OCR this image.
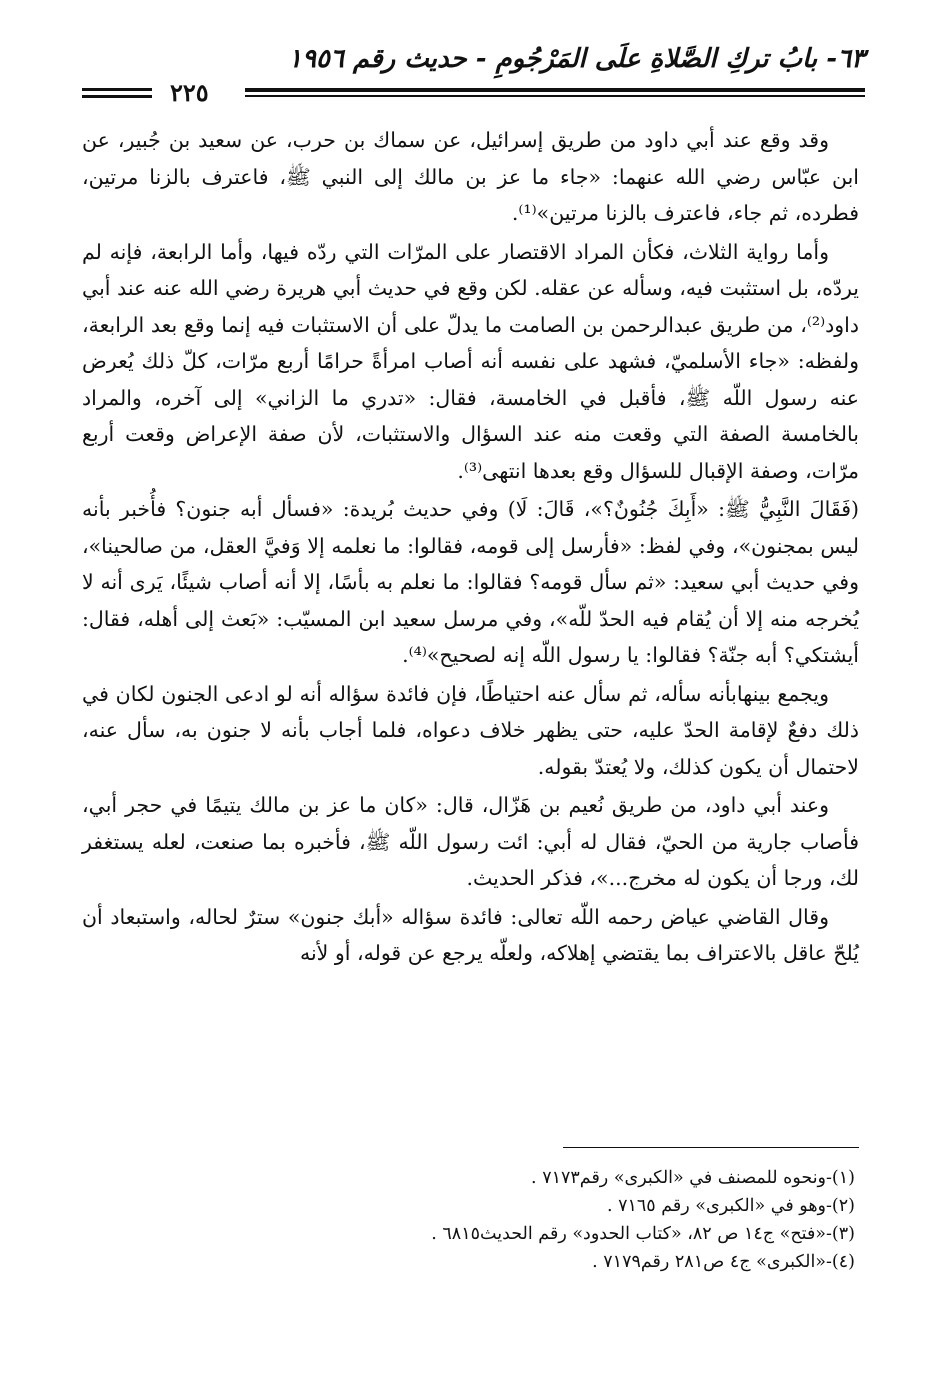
٦٣- بابُ تركِ الصَّلاةِ علَى المَرْجُومِ - حديث رقم ١٩٥٦
٢٢٥

وقد وقع عند أبي داود من طريق إسرائيل، عن سماك بن حرب، عن سعيد بن جُبير، عن ابن عبّاس رضي الله عنهما: «جاء ما عز بن مالك إلى النبي ﷺ، فاعترف بالزنا مرتين، فطرده، ثم جاء، فاعترف بالزنا مرتين»⁽¹⁾.

وأما رواية الثلاث، فكأن المراد الاقتصار على المرّات التي ردّه فيها، وأما الرابعة، فإنه لم يردّه، بل استثبت فيه، وسأله عن عقله. لكن وقع في حديث أبي هريرة رضي الله عنه عند أبي داود⁽²⁾، من طريق عبدالرحمن بن الصامت ما يدلّ على أن الاستثبات فيه إنما وقع بعد الرابعة، ولفظه: «جاء الأسلميّ، فشهد على نفسه أنه أصاب امرأةً حرامًا أربع مرّات، كلّ ذلك يُعرض عنه رسول اللّه ﷺ، فأقبل في الخامسة، فقال: «تدري ما الزاني» إلى آخره، والمراد بالخامسة الصفة التي وقعت منه عند السؤال والاستثبات، لأن صفة الإعراض وقعت أربع مرّات، وصفة الإقبال للسؤال وقع بعدها انتهى⁽³⁾.

(فَقَالَ النَّبِيُّ ﷺ: «أَبِكَ جُنُونٌ؟»، قَالَ: لَا) وفي حديث بُريدة: «فسأل أبه جنون؟ فأُخبر بأنه ليس بمجنون»، وفي لفظ: «فأرسل إلى قومه، فقالوا: ما نعلمه إلا وَفيَّ العقل، من صالحينا»، وفي حديث أبي سعيد: «ثم سأل قومه؟ فقالوا: ما نعلم به بأسًا، إلا أنه أصاب شيئًا، يَرى أنه لا يُخرجه منه إلا أن يُقام فيه الحدّ للّه»، وفي مرسل سعيد ابن المسيّب: «بَعث إلى أهله، فقال: أيشتكي؟ أبه جنّة؟ فقالوا: يا رسول اللّه إنه لصحيح»⁽⁴⁾.

ويجمع بينهابأنه سأله، ثم سأل عنه احتياطًا، فإن فائدة سؤاله أنه لو ادعى الجنون لكان في ذلك دفعٌ لإقامة الحدّ عليه، حتى يظهر خلاف دعواه، فلما أجاب بأنه لا جنون به، سأل عنه، لاحتمال أن يكون كذلك، ولا يُعتدّ بقوله.

وعند أبي داود، من طريق نُعيم بن هَزّال، قال: «كان ما عز بن مالك يتيمًا في حجر أبي، فأصاب جارية من الحيّ، فقال له أبي: ائت رسول اللّه ﷺ، فأخبره بما صنعت، لعله يستغفر لك، ورجا أن يكون له مخرج...»، فذكر الحديث.

وقال القاضي عياض رحمه اللّه تعالى: فائدة سؤاله «أبك جنون» سترٌ لحاله، واستبعاد أن يُلحّ عاقل بالاعتراف بما يقتضي إهلاكه، ولعلّه يرجع عن قوله، أو لأنه

(١)-ونحوه للمصنف في «الكبرى» رقم٧١٧٣ .
(٢)-وهو في «الكبرى» رقم ٧١٦٥ .
(٣)-«فتح» ج١٤ ص ٨٢، «كتاب الحدود» رقم الحديث٦٨١٥ .
(٤)-«الكبرى» ج٤ ص٢٨١ رقم٧١٧٩ .
